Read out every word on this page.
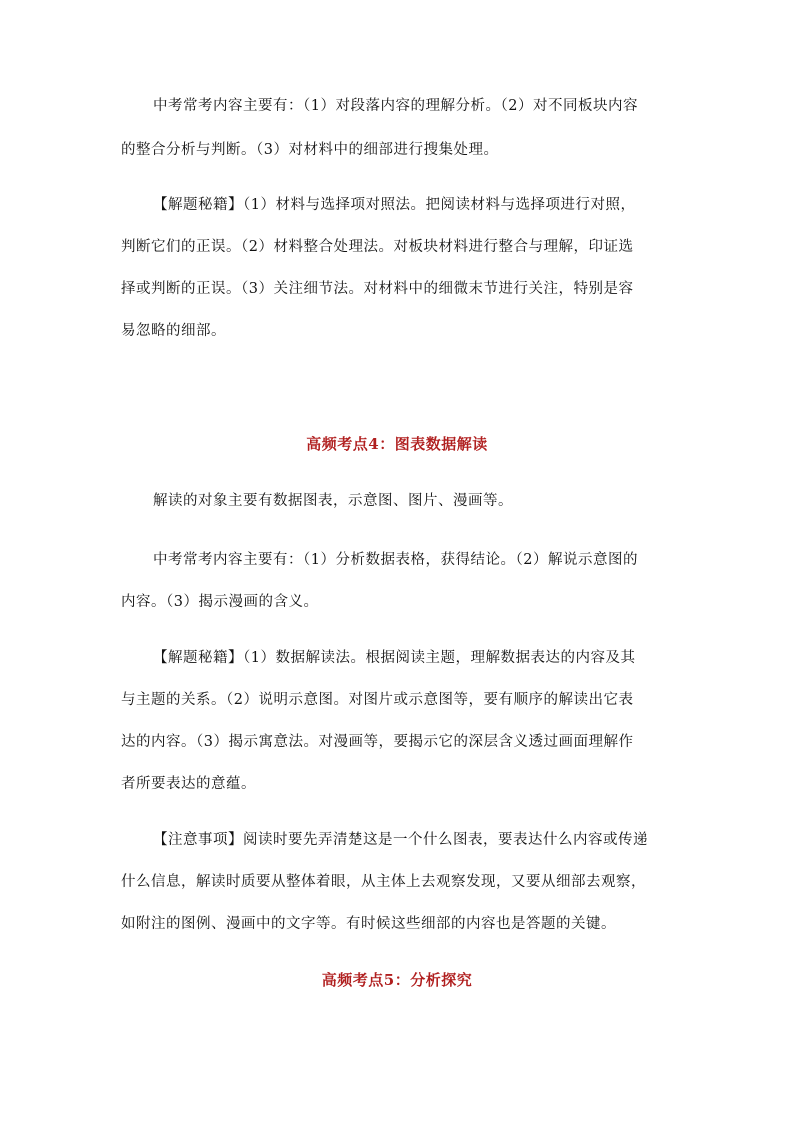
中考常考内容主要有：（1）对段落内容的理解分析。（2）对不同板块内容
的整合分析与判断。（3）对材料中的细部进行搜集处理。
【解题秘籍】（1）材料与选择项对照法。把阅读材料与选择项进行对照，
判断它们的正误。（2）材料整合处理法。对板块材料进行整合与理解，印证选
择或判断的正误。（3）关注细节法。对材料中的细微末节进行关注，特别是容
易忽略的细部。
高频考点4：图表数据解读
解读的对象主要有数据图表，示意图、图片、漫画等。
中考常考内容主要有：（1）分析数据表格，获得结论。（2）解说示意图的
内容。（3）揭示漫画的含义。
【解题秘籍】（1）数据解读法。根据阅读主题，理解数据表达的内容及其
与主题的关系。（2）说明示意图。对图片或示意图等，要有顺序的解读出它表
达的内容。（3）揭示寓意法。对漫画等，要揭示它的深层含义透过画面理解作
者所要表达的意蕴。
【注意事项】阅读时要先弄清楚这是一个什么图表，要表达什么内容或传递
什么信息，解读时质要从整体着眼，从主体上去观察发现，又要从细部去观察，
如附注的图例、漫画中的文字等。有时候这些细部的内容也是答题的关键。
高频考点5：分析探究
